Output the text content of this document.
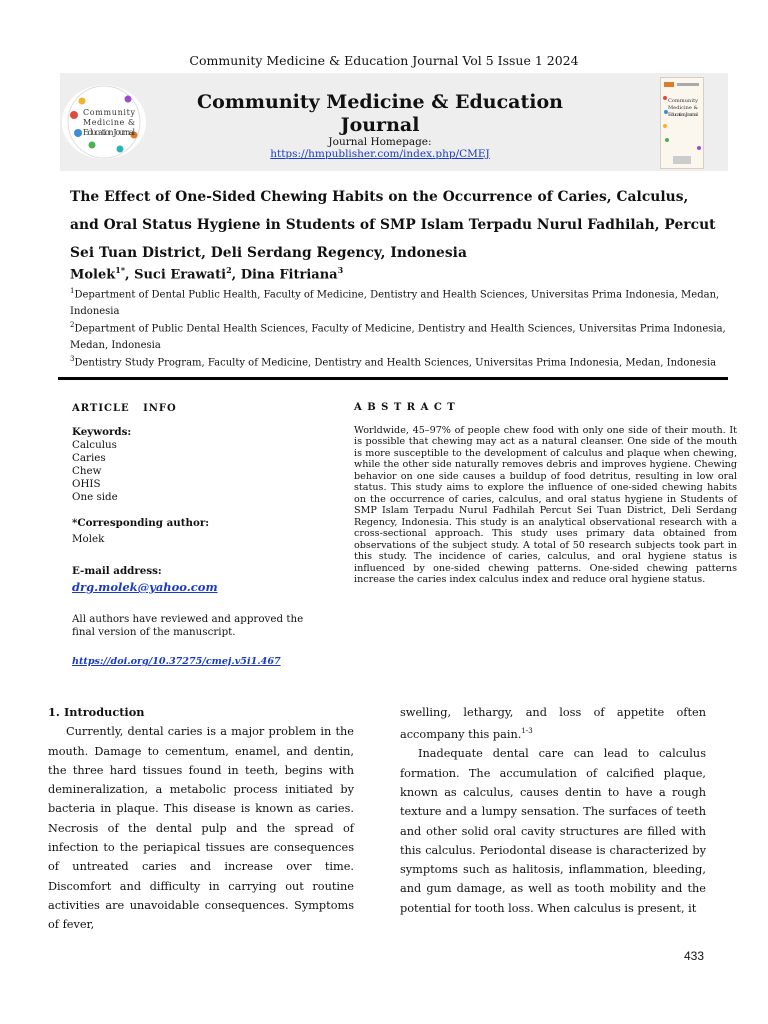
Community Medicine & Education Journal Vol 5 Issue 1 2024
Community
Medicine &
Education Journal
Community Medicine & Education Journal
Journal Homepage:
https://hmpublisher.com/index.php/CMEJ
Community
Medicine &
Education Journal
The Effect of One-Sided Chewing Habits on the Occurrence of Caries, Calculus, and Oral Status Hygiene in Students of SMP Islam Terpadu Nurul Fadhilah, Percut Sei Tuan District, Deli Serdang Regency, Indonesia
Molek$^{1*}$, Suci Erawati$^2$, Dina Fitriana$^3$
$^1$Department of Dental Public Health, Faculty of Medicine, Dentistry and Health Sciences, Universitas Prima Indonesia, Medan, Indonesia
$^2$Department of Public Dental Health Sciences, Faculty of Medicine, Dentistry and Health Sciences, Universitas Prima Indonesia, Medan, Indonesia
$^3$Dentistry Study Program, Faculty of Medicine, Dentistry and Health Sciences, Universitas Prima Indonesia, Medan, Indonesia
ARTICLE   INFO
Keywords:
Calculus
Caries
Chew
OHIS
One side
*Corresponding author:
Molek
E-mail address:
drg.molek@yahoo.com
All authors have reviewed and approved the final version of the manuscript.
https://doi.org/10.37275/cmej.v5i1.467
A B S T R A C T
Worldwide, 45–97% of people chew food with only one side of their mouth. It is possible that chewing may act as a natural cleanser. One side of the mouth is more susceptible to the development of calculus and plaque when chewing, while the other side naturally removes debris and improves hygiene. Chewing behavior on one side causes a buildup of food detritus, resulting in low oral status. This study aims to explore the influence of one-sided chewing habits on the occurrence of caries, calculus, and oral status hygiene in Students of SMP Islam Terpadu Nurul Fadhilah Percut Sei Tuan District, Deli Serdang Regency, Indonesia. This study is an analytical observational research with a cross-sectional approach. This study uses primary data obtained from observations of the subject study. A total of 50 research subjects took part in this study. The incidence of caries, calculus, and oral hygiene status is influenced by one-sided chewing patterns. One-sided chewing patterns increase the caries index calculus index and reduce oral hygiene status.
1. Introduction

Currently, dental caries is a major problem in the mouth. Damage to cementum, enamel, and dentin, the three hard tissues found in teeth, begins with demineralization, a metabolic process initiated by bacteria in plaque. This disease is known as caries. Necrosis of the dental pulp and the spread of infection to the periapical tissues are consequences of untreated caries and increase over time. Discomfort and difficulty in carrying out routine activities are unavoidable consequences. Symptoms of fever,

swelling, lethargy, and loss of appetite often accompany this pain.$^{1-3}$

Inadequate dental care can lead to calculus formation. The accumulation of calcified plaque, known as calculus, causes dentin to have a rough texture and a lumpy sensation. The surfaces of teeth and other solid oral cavity structures are filled with this calculus. Periodontal disease is characterized by symptoms such as halitosis, inflammation, bleeding, and gum damage, as well as tooth mobility and the potential for tooth loss. When calculus is present, it

433
